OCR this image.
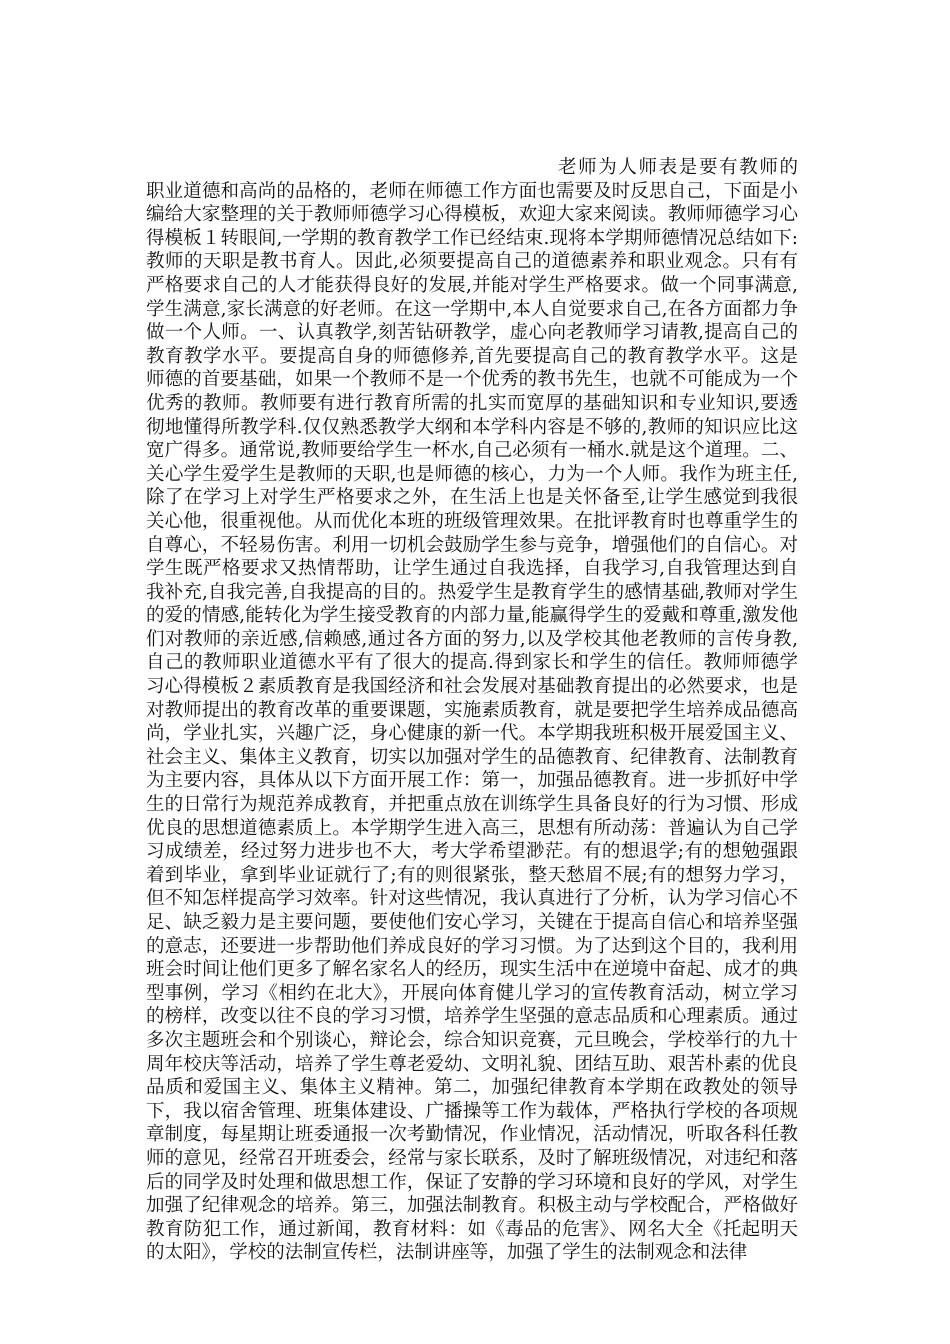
老师为人师表是要有教师的职业道德和高尚的品格的，老师在师德工作方面也需要及时反思自己，下面是小编给大家整理的关于教师师德学习心得模板，欢迎大家来阅读。教师师德学习心得模板１转眼间,一学期的教育教学工作已经结束.现将本学期师德情况总结如下:教师的天职是教书育人。因此,必须要提高自己的道德素养和职业观念。只有有严格要求自己的人才能获得良好的发展,并能对学生严格要求。做一个同事满意,学生满意,家长满意的好老师。在这一学期中,本人自觉要求自己,在各方面都力争做一个人师。一、认真教学,刻苦钻研教学，虚心向老教师学习请教,提高自己的教育教学水平。要提高自身的师德修养,首先要提高自己的教育教学水平。这是师德的首要基础，如果一个教师不是一个优秀的教书先生，也就不可能成为一个优秀的教师。教师要有进行教育所需的扎实而宽厚的基础知识和专业知识,要透彻地懂得所教学科.仅仅熟悉教学大纲和本学科内容是不够的,教师的知识应比这宽广得多。通常说,教师要给学生一杯水,自己必须有一桶水.就是这个道理。二、关心学生爱学生是教师的天职,也是师德的核心，力为一个人师。我作为班主任,除了在学习上对学生严格要求之外，在生活上也是关怀备至,让学生感觉到我很关心他，很重视他。从而优化本班的班级管理效果。在批评教育时也尊重学生的自尊心，不轻易伤害。利用一切机会鼓励学生参与竞争，增强他们的自信心。对学生既严格要求又热情帮助，让学生通过自我选择，自我学习,自我管理达到自我补充,自我完善,自我提高的目的。热爱学生是教育学生的感情基础,教师对学生的爱的情感,能转化为学生接受教育的内部力量,能赢得学生的爱戴和尊重,激发他们对教师的亲近感,信赖感,通过各方面的努力,以及学校其他老教师的言传身教,自己的教师职业道德水平有了很大的提高.得到家长和学生的信任。教师师德学习心得模板２素质教育是我国经济和社会发展对基础教育提出的必然要求，也是对教师提出的教育改革的重要课题，实施素质教育，就是要把学生培养成品德高尚，学业扎实，兴趣广泛，身心健康的新一代。本学期我班积极开展爱国主义、社会主义、集体主义教育，切实以加强对学生的品德教育、纪律教育、法制教育为主要内容，具体从以下方面开展工作：第一，加强品德教育。进一步抓好中学生的日常行为规范养成教育，并把重点放在训练学生具备良好的行为习惯、形成优良的思想道德素质上。本学期学生进入高三，思想有所动荡：普遍认为自己学习成绩差，经过努力进步也不大，考大学希望渺茫。有的想退学;有的想勉强跟着到毕业，拿到毕业证就行了;有的则很紧张，整天愁眉不展;有的想努力学习，但不知怎样提高学习效率。针对这些情况，我认真进行了分析，认为学习信心不足、缺乏毅力是主要问题，要使他们安心学习，关键在于提高自信心和培养坚强的意志，还要进一步帮助他们养成良好的学习习惯。为了达到这个目的，我利用班会时间让他们更多了解名家名人的经历，现实生活中在逆境中奋起、成才的典型事例，学习《相约在北大》，开展向体育健儿学习的宣传教育活动，树立学习的榜样，改变以往不良的学习习惯，培养学生坚强的意志品质和心理素质。通过多次主题班会和个别谈心，辩论会，综合知识竞赛，元旦晚会，学校举行的九十周年校庆等活动，培养了学生尊老爱幼、文明礼貌、团结互助、艰苦朴素的优良品质和爱国主义、集体主义精神。第二，加强纪律教育本学期在政教处的领导下，我以宿舍管理、班集体建设、广播操等工作为载体，严格执行学校的各项规章制度，每星期让班委通报一次考勤情况，作业情况，活动情况，听取各科任教师的意见，经常召开班委会，经常与家长联系，及时了解班级情况，对违纪和落后的同学及时处理和做思想工作，保证了安静的学习环境和良好的学风，对学生加强了纪律观念的培养。第三，加强法制教育。积极主动与学校配合，严格做好教育防犯工作，通过新闻，教育材料：如《毒品的危害》、网名大全《托起明天的太阳》，学校的法制宣传栏，法制讲座等，加强了学生的法制观念和法律
